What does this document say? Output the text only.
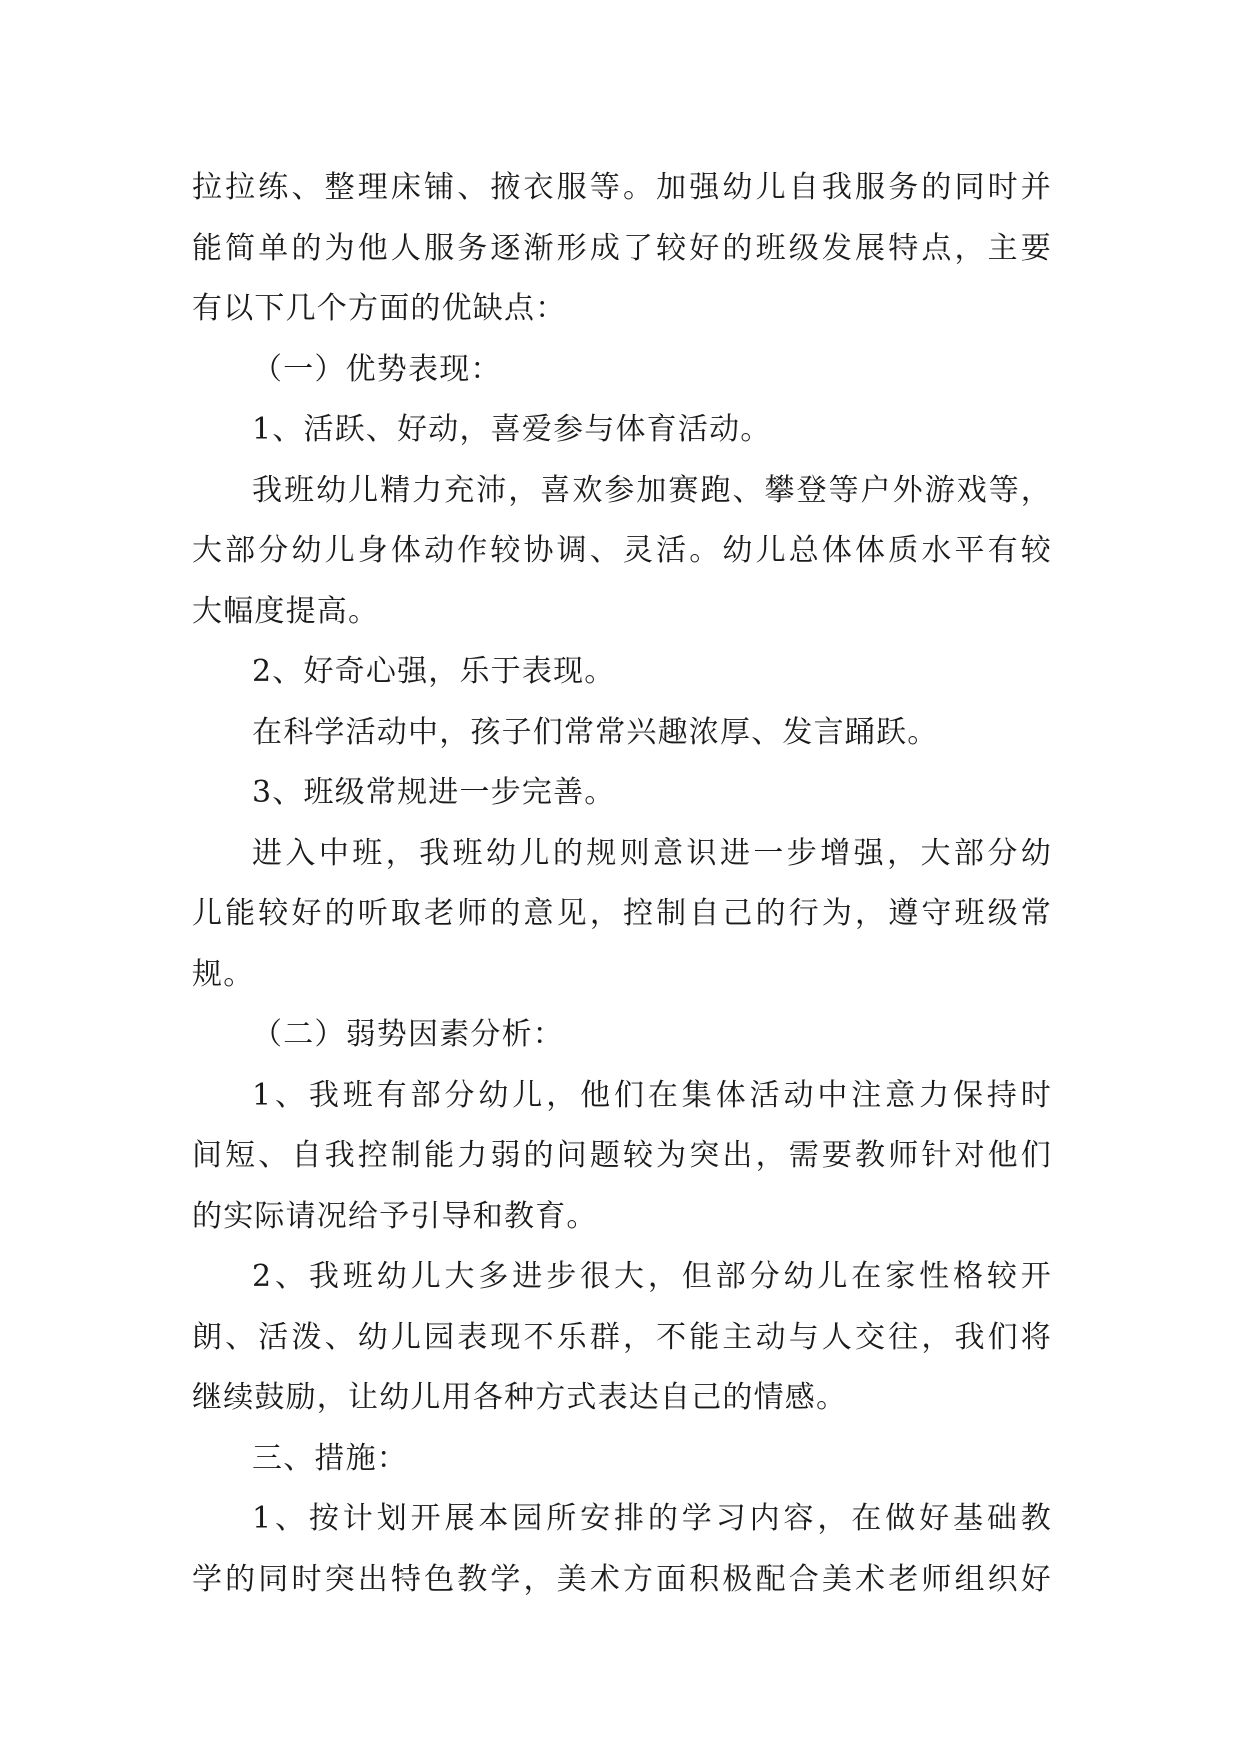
拉拉练、整理床铺、掖衣服等。加强幼儿自我服务的同时并
能简单的为他人服务逐渐形成了较好的班级发展特点，主要
有以下几个方面的优缺点：
（一）优势表现：
1、活跃、好动，喜爱参与体育活动。
我班幼儿精力充沛，喜欢参加赛跑、攀登等户外游戏等，
大部分幼儿身体动作较协调、灵活。幼儿总体体质水平有较
大幅度提高。
2、好奇心强，乐于表现。
在科学活动中，孩子们常常兴趣浓厚、发言踊跃。
3、班级常规进一步完善。
进入中班，我班幼儿的规则意识进一步增强，大部分幼
儿能较好的听取老师的意见，控制自己的行为，遵守班级常
规。
（二）弱势因素分析：
1、我班有部分幼儿，他们在集体活动中注意力保持时
间短、自我控制能力弱的问题较为突出，需要教师针对他们
的实际请况给予引导和教育。
2、我班幼儿大多进步很大，但部分幼儿在家性格较开
朗、活泼、幼儿园表现不乐群，不能主动与人交往，我们将
继续鼓励，让幼儿用各种方式表达自己的情感。
三、措施：
1、按计划开展本园所安排的学习内容，在做好基础教
学的同时突出特色教学，美术方面积极配合美术老师组织好
